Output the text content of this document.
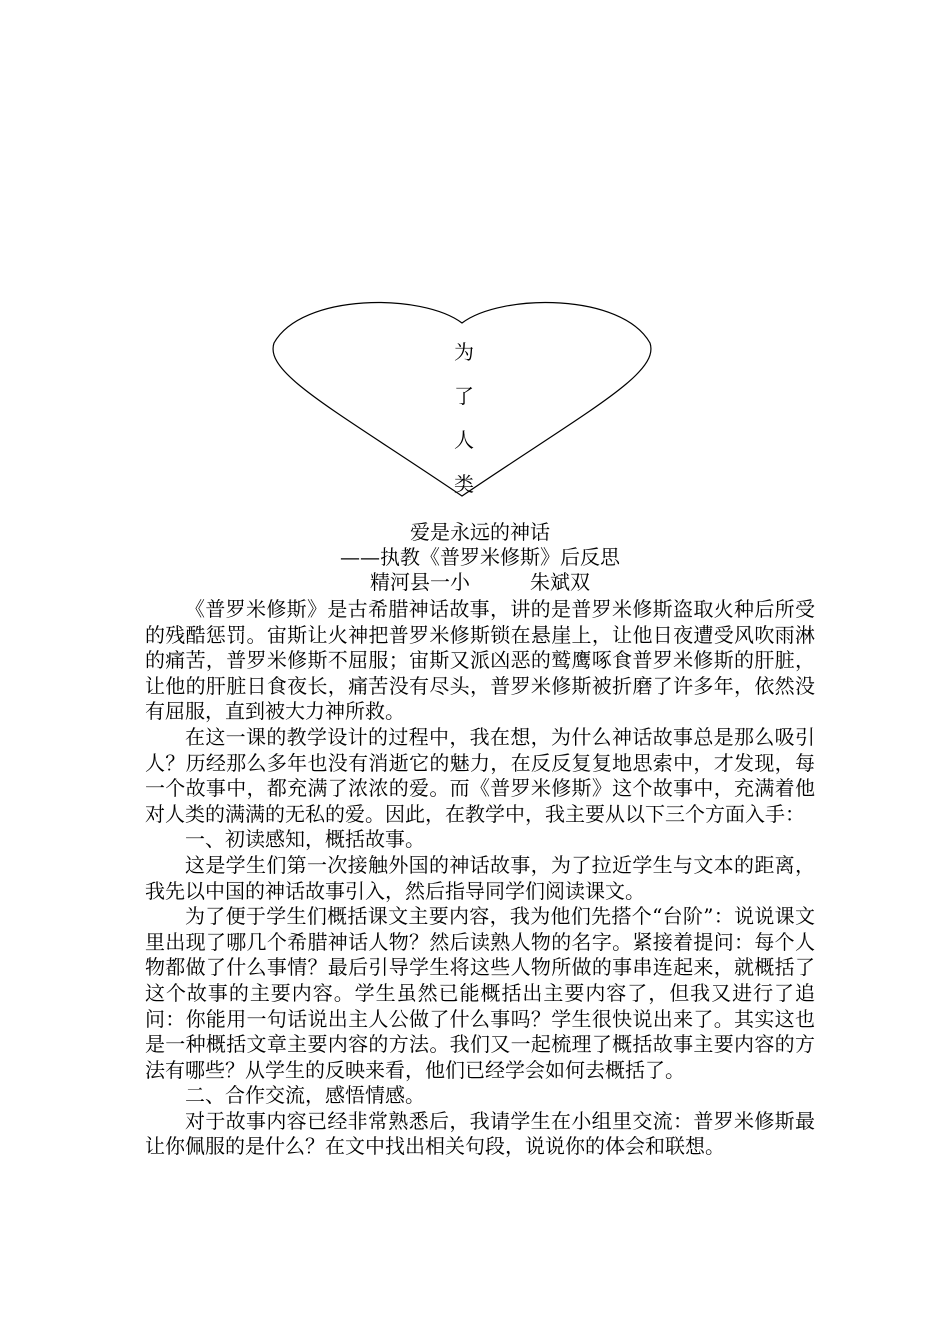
为
了
人
类
爱是永远的神话
——执教《普罗米修斯》后反思
精河县一小	朱斌双

《普罗米修斯》是古希腊神话故事，讲的是普罗米修斯盗取火种后所受的残酷惩罚。宙斯让火神把普罗米修斯锁在悬崖上，让他日夜遭受风吹雨淋的痛苦，普罗米修斯不屈服；宙斯又派凶恶的鹫鹰啄食普罗米修斯的肝脏，让他的肝脏日食夜长，痛苦没有尽头，普罗米修斯被折磨了许多年，依然没有屈服，直到被大力神所救。

在这一课的教学设计的过程中，我在想，为什么神话故事总是那么吸引人？历经那么多年也没有消逝它的魅力，在反反复复地思索中，才发现，每一个故事中，都充满了浓浓的爱。而《普罗米修斯》这个故事中，充满着他对人类的满满的无私的爱。因此，在教学中，我主要从以下三个方面入手：

一、初读感知，概括故事。

这是学生们第一次接触外国的神话故事，为了拉近学生与文本的距离，我先以中国的神话故事引入，然后指导同学们阅读课文。

为了便于学生们概括课文主要内容，我为他们先搭个“台阶”：说说课文里出现了哪几个希腊神话人物？然后读熟人物的名字。紧接着提问：每个人物都做了什么事情？最后引导学生将这些人物所做的事串连起来，就概括了这个故事的主要内容。学生虽然已能概括出主要内容了，但我又进行了追问：你能用一句话说出主人公做了什么事吗？学生很快说出来了。其实这也是一种概括文章主要内容的方法。我们又一起梳理了概括故事主要内容的方法有哪些？从学生的反映来看，他们已经学会如何去概括了。

二、合作交流，感悟情感。

对于故事内容已经非常熟悉后，我请学生在小组里交流：普罗米修斯最让你佩服的是什么？在文中找出相关句段，说说你的体会和联想。
